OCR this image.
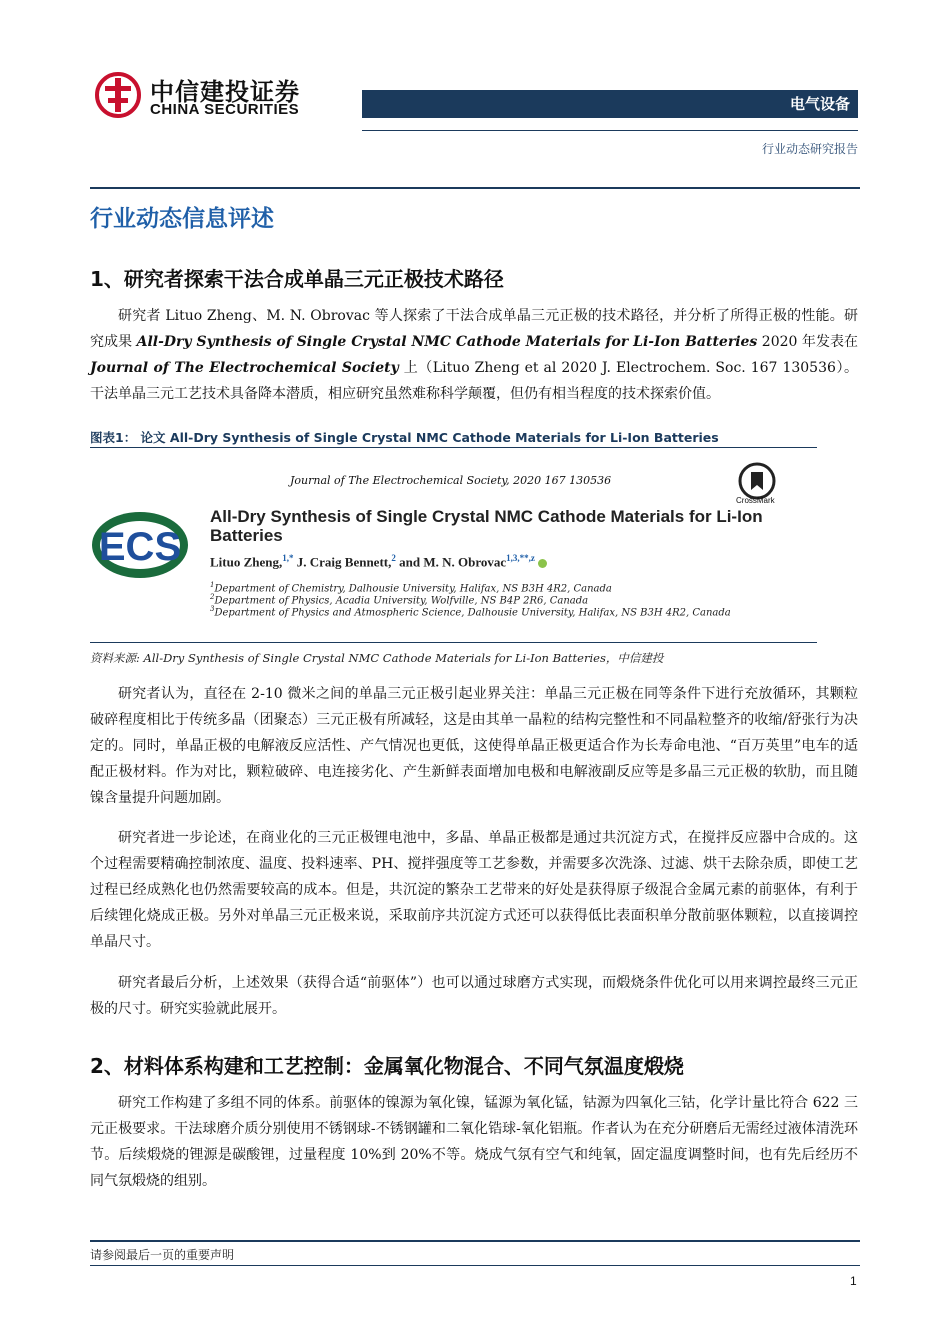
中信建投证券
CHINA SECURITIES	电气设备
行业动态研究报告
行业动态信息评述
1、研究者探索干法合成单晶三元正极技术路径

研究者 Lituo Zheng、M. N. Obrovac 等人探索了干法合成单晶三元正极的技术路径，并分析了所得正极的性能。研究成果 All-Dry Synthesis of Single Crystal NMC Cathode Materials for Li-Ion Batteries 2020 年发表在 Journal of The Electrochemical Society 上（Lituo Zheng et al 2020 J. Electrochem. Soc. 167 130536）。干法单晶三元工艺技术具备降本潜质，相应研究虽然难称科学颠覆，但仍有相当程度的技术探索价值。

图表1： 论文 All-Dry Synthesis of Single Crystal NMC Cathode Materials for Li-Ion Batteries
Journal of The Electrochemical Society, 2020 167 130536
CrossMark
ECS
All-Dry Synthesis of Single Crystal NMC Cathode Materials for Li-Ion Batteries
Lituo Zheng,$^{1,*}$ J. Craig Bennett,$^2$ and M. N. Obrovac$^{1,3,**,z}$
$^1$Department of Chemistry, Dalhousie University, Halifax, NS B3H 4R2, Canada
$^2$Department of Physics, Acadia University, Wolfville, NS B4P 2R6, Canada
$^3$Department of Physics and Atmospheric Science, Dalhousie University, Halifax, NS B3H 4R2, Canada
资料来源: All-Dry Synthesis of Single Crystal NMC Cathode Materials for Li-Ion Batteries，中信建投

研究者认为，直径在 2-10 微米之间的单晶三元正极引起业界关注：单晶三元正极在同等条件下进行充放循环，其颗粒破碎程度相比于传统多晶（团聚态）三元正极有所减轻，这是由其单一晶粒的结构完整性和不同晶粒整齐的收缩/舒张行为决定的。同时，单晶正极的电解液反应活性、产气情况也更低，这使得单晶正极更适合作为长寿命电池、“百万英里”电车的适配正极材料。作为对比，颗粒破碎、电连接劣化、产生新鲜表面增加电极和电解液副反应等是多晶三元正极的软肋，而且随镍含量提升问题加剧。

研究者进一步论述，在商业化的三元正极锂电池中，多晶、单晶正极都是通过共沉淀方式，在搅拌反应器中合成的。这个过程需要精确控制浓度、温度、投料速率、PH、搅拌强度等工艺参数，并需要多次洗涤、过滤、烘干去除杂质，即使工艺过程已经成熟化也仍然需要较高的成本。但是，共沉淀的繁杂工艺带来的好处是获得原子级混合金属元素的前驱体，有利于后续锂化烧成正极。另外对单晶三元正极来说，采取前序共沉淀方式还可以获得低比表面积单分散前驱体颗粒，以直接调控单晶尺寸。

研究者最后分析，上述效果（获得合适“前驱体”）也可以通过球磨方式实现，而煅烧条件优化可以用来调控最终三元正极的尺寸。研究实验就此展开。

2、材料体系构建和工艺控制：金属氧化物混合、不同气氛温度煅烧

研究工作构建了多组不同的体系。前驱体的镍源为氧化镍，锰源为氧化锰，钴源为四氧化三钴，化学计量比符合 622 三元正极要求。干法球磨介质分别使用不锈钢球-不锈钢罐和二氧化锆球-氧化铝瓶。作者认为在充分研磨后无需经过液体清洗环节。后续煅烧的锂源是碳酸锂，过量程度 10%到 20%不等。烧成气氛有空气和纯氧，固定温度调整时间，也有先后经历不同气氛煅烧的组别。

请参阅最后一页的重要声明
1
